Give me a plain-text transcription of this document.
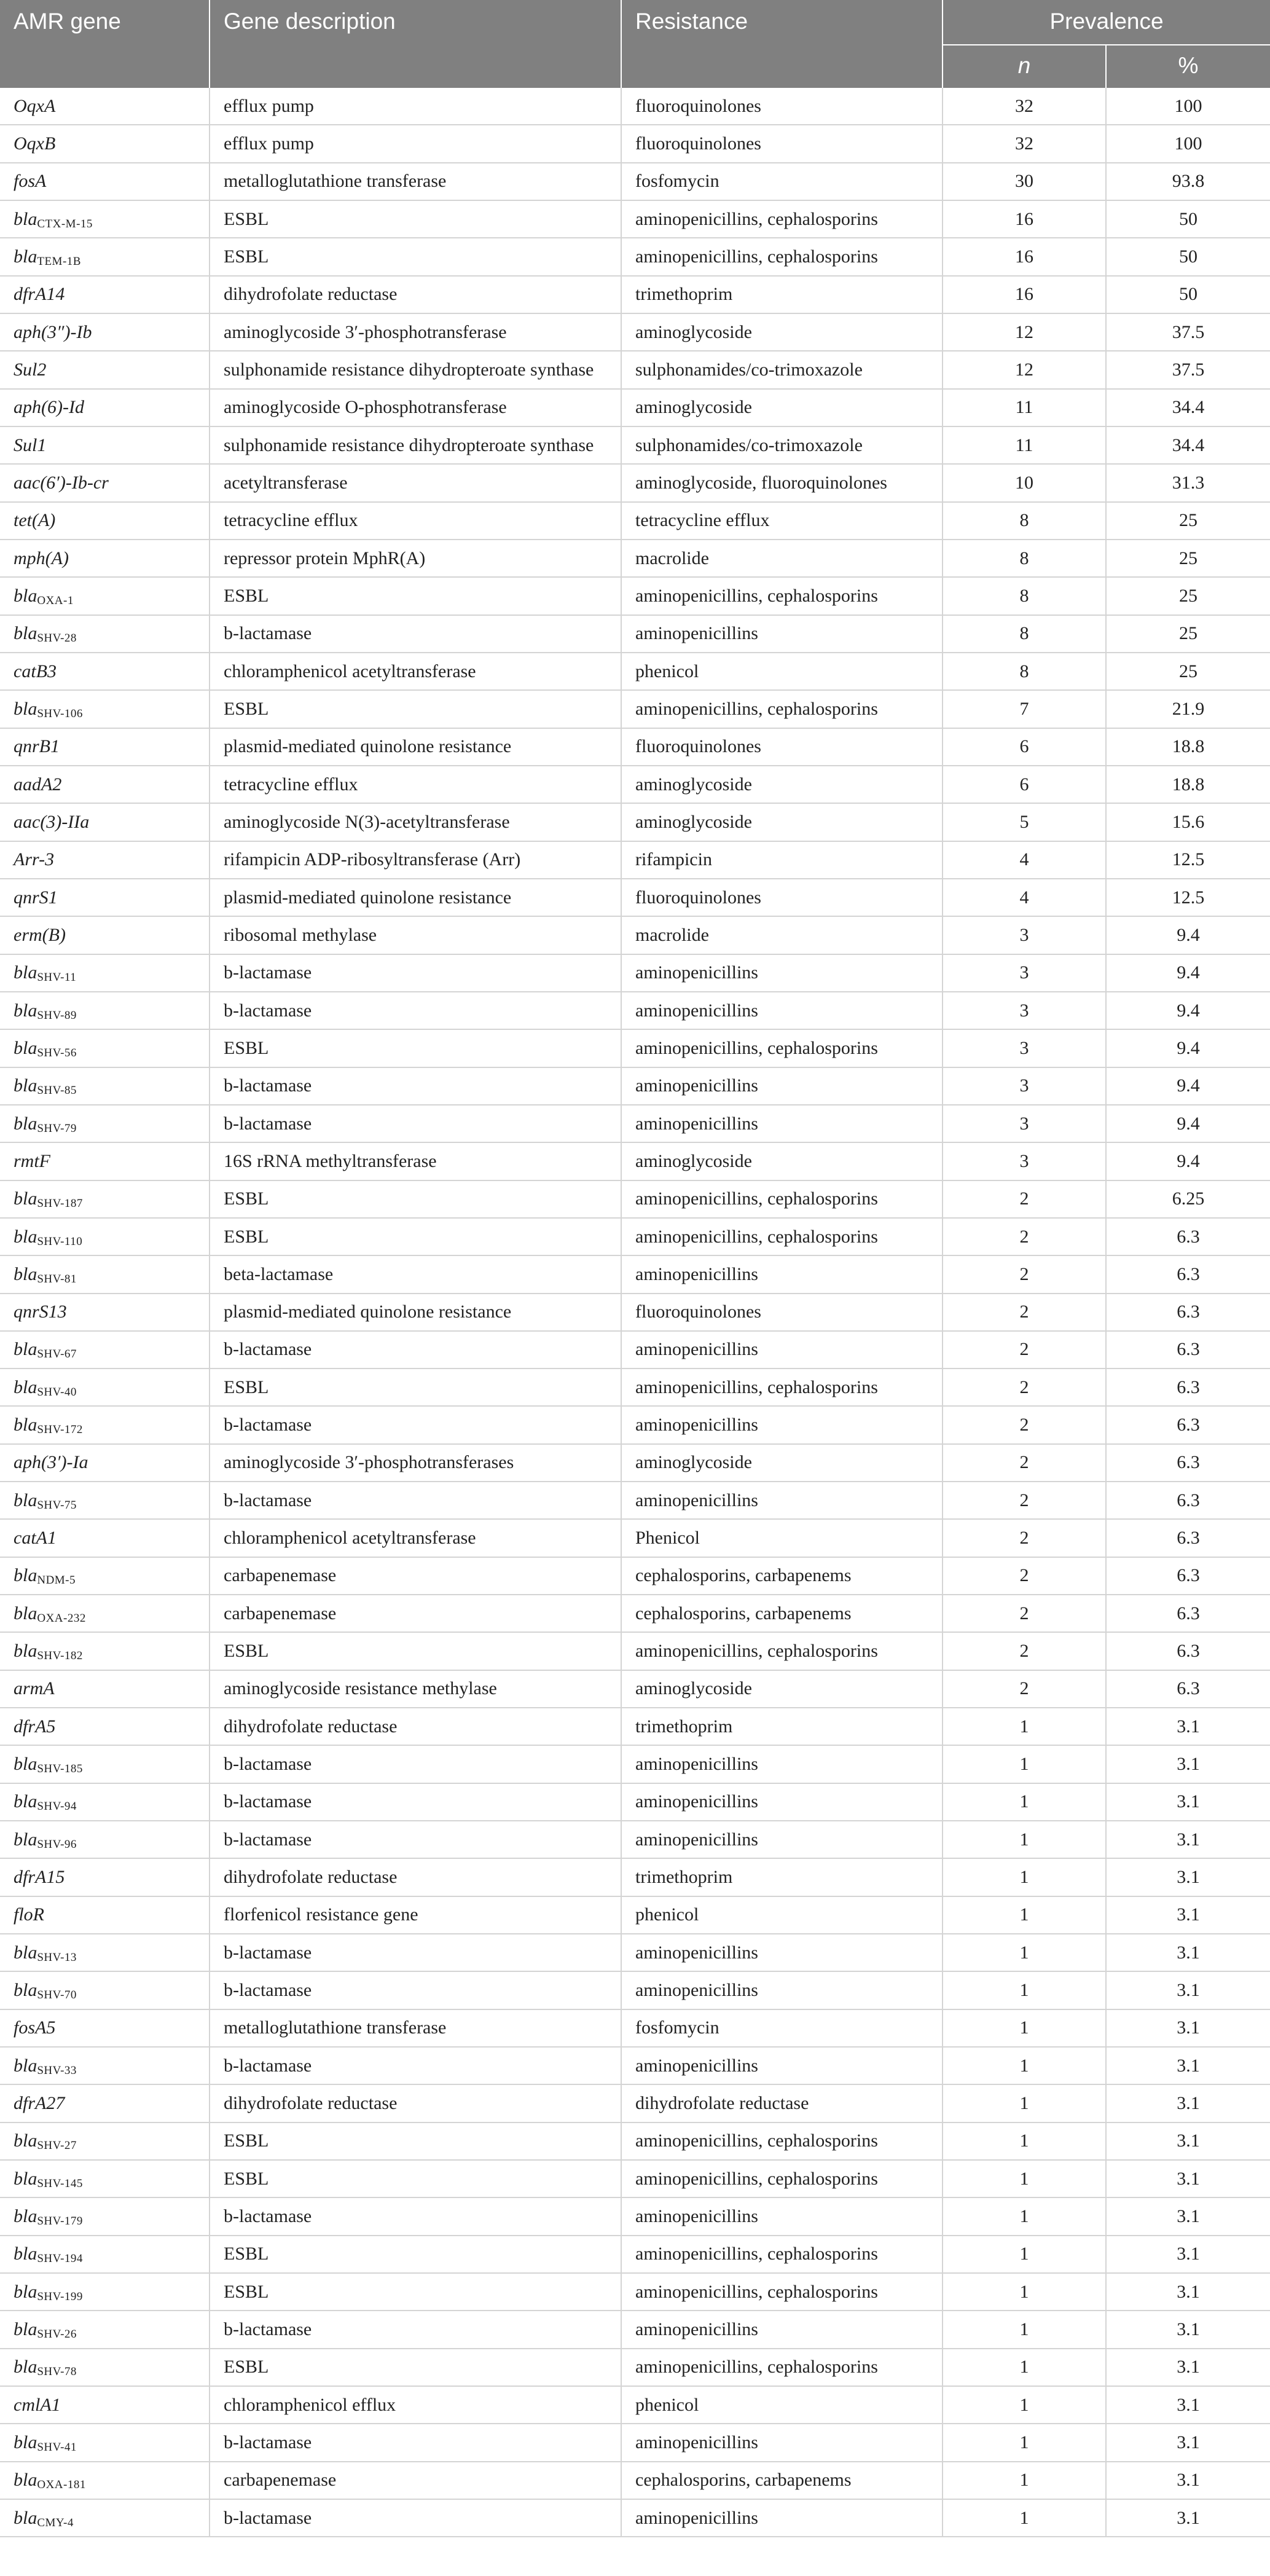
AMR gene	Gene description	Resistance	Prevalence
n	%
OqxA	efflux pump	fluoroquinolones	32	100
OqxB	efflux pump	fluoroquinolones	32	100
fosA	metalloglutathione transferase	fosfomycin	30	93.8
bla CTX-M-15	ESBL	aminopenicillins, cephalosporins	16	50
bla TEM-1B	ESBL	aminopenicillins, cephalosporins	16	50
dfrA14	dihydrofolate reductase	trimethoprim	16	50
aph(3″)-Ib	aminoglycoside 3′-phosphotransferase	aminoglycoside	12	37.5
Sul2	sulphonamide resistance dihydropteroate synthase	sulphonamides/co-trimoxazole	12	37.5
aph(6)-Id	aminoglycoside O-phosphotransferase	aminoglycoside	11	34.4
Sul1	sulphonamide resistance dihydropteroate synthase	sulphonamides/co-trimoxazole	11	34.4
aac(6′)-Ib-cr	acetyltransferase	aminoglycoside, fluoroquinolones	10	31.3
tet(A)	tetracycline efflux	tetracycline efflux	8	25
mph(A)	repressor protein MphR(A)	macrolide	8	25
bla OXA-1	ESBL	aminopenicillins, cephalosporins	8	25
bla SHV-28	b-lactamase	aminopenicillins	8	25
catB3	chloramphenicol acetyltransferase	phenicol	8	25
bla SHV-106	ESBL	aminopenicillins, cephalosporins	7	21.9
qnrB1	plasmid-mediated quinolone resistance	fluoroquinolones	6	18.8
aadA2	tetracycline efflux	aminoglycoside	6	18.8
aac(3)-IIa	aminoglycoside N(3)-acetyltransferase	aminoglycoside	5	15.6
Arr-3	rifampicin ADP-ribosyltransferase (Arr)	rifampicin	4	12.5
qnrS1	plasmid-mediated quinolone resistance	fluoroquinolones	4	12.5
erm(B)	ribosomal methylase	macrolide	3	9.4
bla SHV-11	b-lactamase	aminopenicillins	3	9.4
bla SHV-89	b-lactamase	aminopenicillins	3	9.4
bla SHV-56	ESBL	aminopenicillins, cephalosporins	3	9.4
bla SHV-85	b-lactamase	aminopenicillins	3	9.4
bla SHV-79	b-lactamase	aminopenicillins	3	9.4
rmtF	16S rRNA methyltransferase	aminoglycoside	3	9.4
bla SHV-187	ESBL	aminopenicillins, cephalosporins	2	6.25
bla SHV-110	ESBL	aminopenicillins, cephalosporins	2	6.3
bla SHV-81	beta-lactamase	aminopenicillins	2	6.3
qnrS13	plasmid-mediated quinolone resistance	fluoroquinolones	2	6.3
bla SHV-67	b-lactamase	aminopenicillins	2	6.3
bla SHV-40	ESBL	aminopenicillins, cephalosporins	2	6.3
bla SHV-172	b-lactamase	aminopenicillins	2	6.3
aph(3′)-Ia	aminoglycoside 3′-phosphotransferases	aminoglycoside	2	6.3
bla SHV-75	b-lactamase	aminopenicillins	2	6.3
catA1	chloramphenicol acetyltransferase	Phenicol	2	6.3
bla NDM-5	carbapenemase	cephalosporins, carbapenems	2	6.3
bla OXA-232	carbapenemase	cephalosporins, carbapenems	2	6.3
bla SHV-182	ESBL	aminopenicillins, cephalosporins	2	6.3
armA	aminoglycoside resistance methylase	aminoglycoside	2	6.3
dfrA5	dihydrofolate reductase	trimethoprim	1	3.1
bla SHV-185	b-lactamase	aminopenicillins	1	3.1
bla SHV-94	b-lactamase	aminopenicillins	1	3.1
bla SHV-96	b-lactamase	aminopenicillins	1	3.1
dfrA15	dihydrofolate reductase	trimethoprim	1	3.1
floR	florfenicol resistance gene	phenicol	1	3.1
bla SHV-13	b-lactamase	aminopenicillins	1	3.1
bla SHV-70	b-lactamase	aminopenicillins	1	3.1
fosA5	metalloglutathione transferase	fosfomycin	1	3.1
bla SHV-33	b-lactamase	aminopenicillins	1	3.1
dfrA27	dihydrofolate reductase	dihydrofolate reductase	1	3.1
bla SHV-27	ESBL	aminopenicillins, cephalosporins	1	3.1
bla SHV-145	ESBL	aminopenicillins, cephalosporins	1	3.1
bla SHV-179	b-lactamase	aminopenicillins	1	3.1
bla SHV-194	ESBL	aminopenicillins, cephalosporins	1	3.1
bla SHV-199	ESBL	aminopenicillins, cephalosporins	1	3.1
bla SHV-26	b-lactamase	aminopenicillins	1	3.1
bla SHV-78	ESBL	aminopenicillins, cephalosporins	1	3.1
cmlA1	chloramphenicol efflux	phenicol	1	3.1
bla SHV-41	b-lactamase	aminopenicillins	1	3.1
bla OXA-181	carbapenemase	cephalosporins, carbapenems	1	3.1
bla CMY-4	b-lactamase	aminopenicillins	1	3.1
